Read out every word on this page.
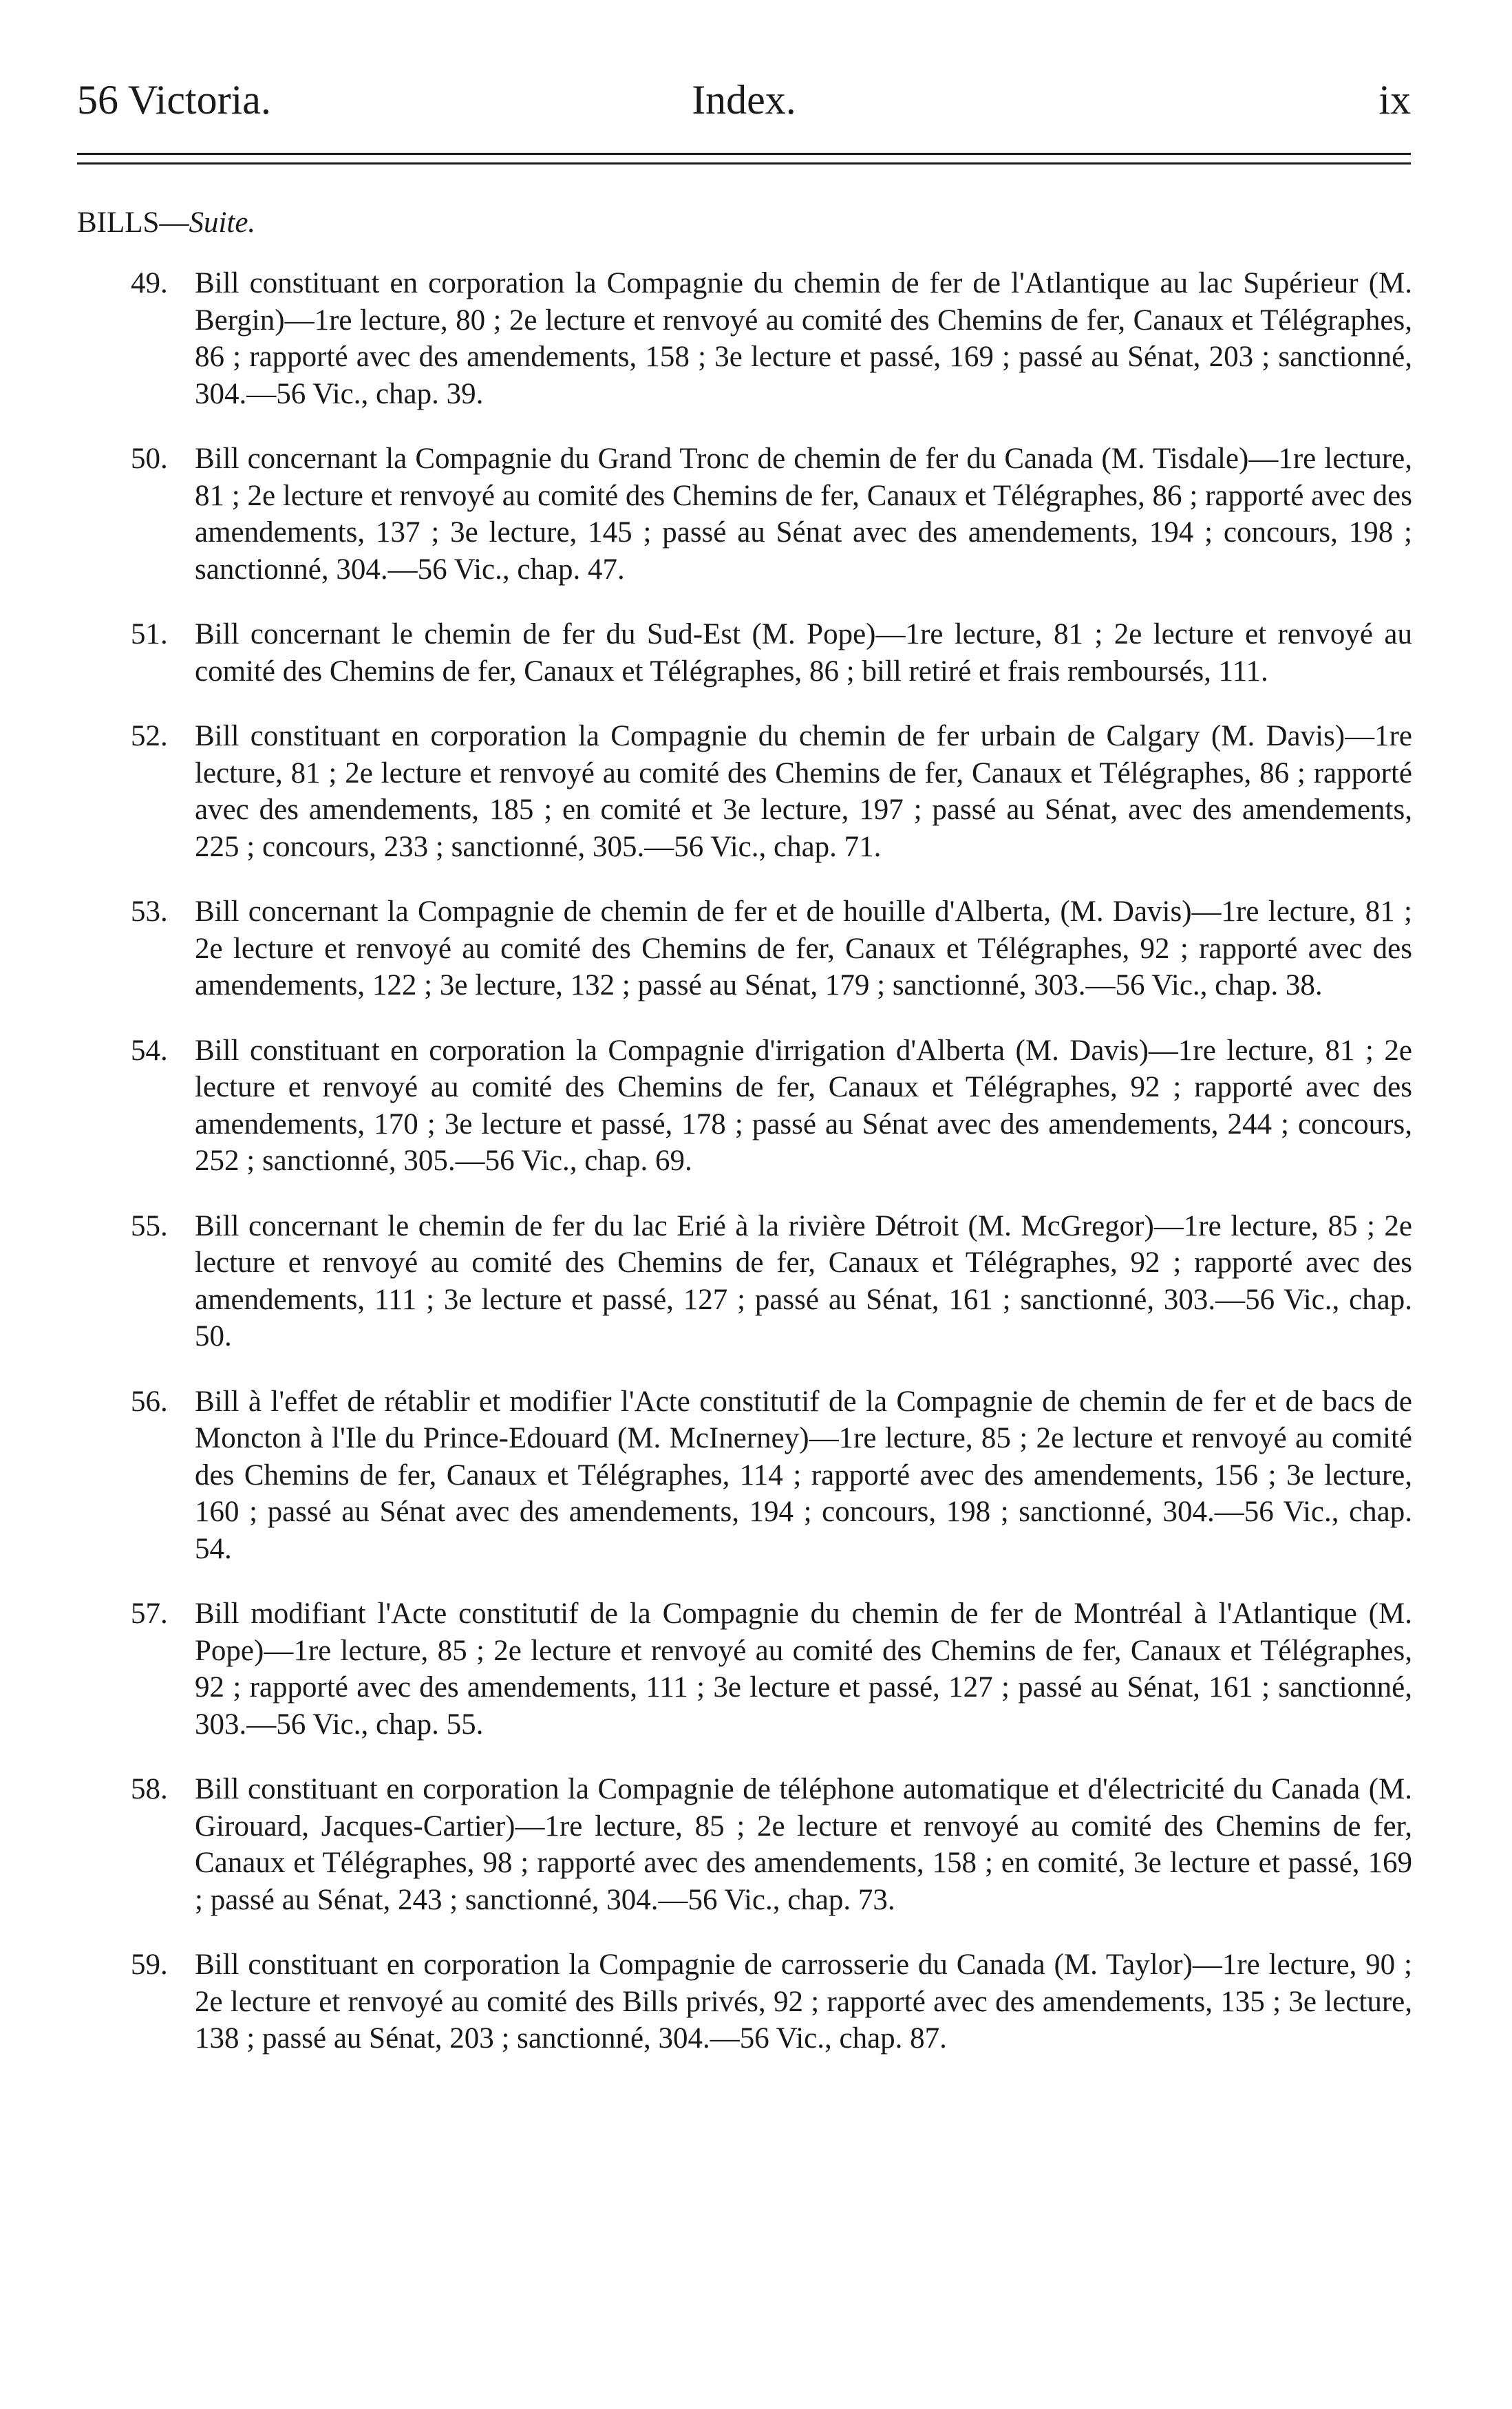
56 Victoria.	Index.	ix
BILLS—Suite.
49. Bill constituant en corporation la Compagnie du chemin de fer de l'Atlantique au lac Supérieur (M. Bergin)—1re lecture, 80 ; 2e lecture et renvoyé au comité des Chemins de fer, Canaux et Télégraphes, 86 ; rapporté avec des amendements, 158 ; 3e lecture et passé, 169 ; passé au Sénat, 203 ; sanctionné, 304.—56 Vic., chap. 39.
50. Bill concernant la Compagnie du Grand Tronc de chemin de fer du Canada (M. Tisdale)—1re lecture, 81 ; 2e lecture et renvoyé au comité des Chemins de fer, Canaux et Télégraphes, 86 ; rapporté avec des amendements, 137 ; 3e lecture, 145 ; passé au Sénat avec des amendements, 194 ; concours, 198 ; sanctionné, 304.—56 Vic., chap. 47.
51. Bill concernant le chemin de fer du Sud-Est (M. Pope)—1re lecture, 81 ; 2e lecture et renvoyé au comité des Chemins de fer, Canaux et Télégraphes, 86 ; bill retiré et frais remboursés, 111.
52. Bill constituant en corporation la Compagnie du chemin de fer urbain de Calgary (M. Davis)—1re lecture, 81 ; 2e lecture et renvoyé au comité des Chemins de fer, Canaux et Télégraphes, 86 ; rapporté avec des amendements, 185 ; en comité et 3e lecture, 197 ; passé au Sénat, avec des amendements, 225 ; concours, 233 ; sanctionné, 305.—56 Vic., chap. 71.
53. Bill concernant la Compagnie de chemin de fer et de houille d'Alberta, (M. Davis)—1re lecture, 81 ; 2e lecture et renvoyé au comité des Chemins de fer, Canaux et Télégraphes, 92 ; rapporté avec des amendements, 122 ; 3e lecture, 132 ; passé au Sénat, 179 ; sanctionné, 303.—56 Vic., chap. 38.
54. Bill constituant en corporation la Compagnie d'irrigation d'Alberta (M. Davis)—1re lecture, 81 ; 2e lecture et renvoyé au comité des Chemins de fer, Canaux et Télégraphes, 92 ; rapporté avec des amendements, 170 ; 3e lecture et passé, 178 ; passé au Sénat avec des amendements, 244 ; concours, 252 ; sanctionné, 305.—56 Vic., chap. 69.
55. Bill concernant le chemin de fer du lac Erié à la rivière Détroit (M. McGregor)—1re lecture, 85 ; 2e lecture et renvoyé au comité des Chemins de fer, Canaux et Télégraphes, 92 ; rapporté avec des amendements, 111 ; 3e lecture et passé, 127 ; passé au Sénat, 161 ; sanctionné, 303.—56 Vic., chap. 50.
56. Bill à l'effet de rétablir et modifier l'Acte constitutif de la Compagnie de chemin de fer et de bacs de Moncton à l'Ile du Prince-Edouard (M. McInerney)—1re lecture, 85 ; 2e lecture et renvoyé au comité des Chemins de fer, Canaux et Télégraphes, 114 ; rapporté avec des amendements, 156 ; 3e lecture, 160 ; passé au Sénat avec des amendements, 194 ; concours, 198 ; sanctionné, 304.—56 Vic., chap. 54.
57. Bill modifiant l'Acte constitutif de la Compagnie du chemin de fer de Montréal à l'Atlantique (M. Pope)—1re lecture, 85 ; 2e lecture et renvoyé au comité des Chemins de fer, Canaux et Télégraphes, 92 ; rapporté avec des amendements, 111 ; 3e lecture et passé, 127 ; passé au Sénat, 161 ; sanctionné, 303.—56 Vic., chap. 55.
58. Bill constituant en corporation la Compagnie de téléphone automatique et d'électricité du Canada (M. Girouard, Jacques-Cartier)—1re lecture, 85 ; 2e lecture et renvoyé au comité des Chemins de fer, Canaux et Télégraphes, 98 ; rapporté avec des amendements, 158 ; en comité, 3e lecture et passé, 169 ; passé au Sénat, 243 ; sanctionné, 304.—56 Vic., chap. 73.
59. Bill constituant en corporation la Compagnie de carrosserie du Canada (M. Taylor)—1re lecture, 90 ; 2e lecture et renvoyé au comité des Bills privés, 92 ; rapporté avec des amendements, 135 ; 3e lecture, 138 ; passé au Sénat, 203 ; sanctionné, 304.—56 Vic., chap. 87.
